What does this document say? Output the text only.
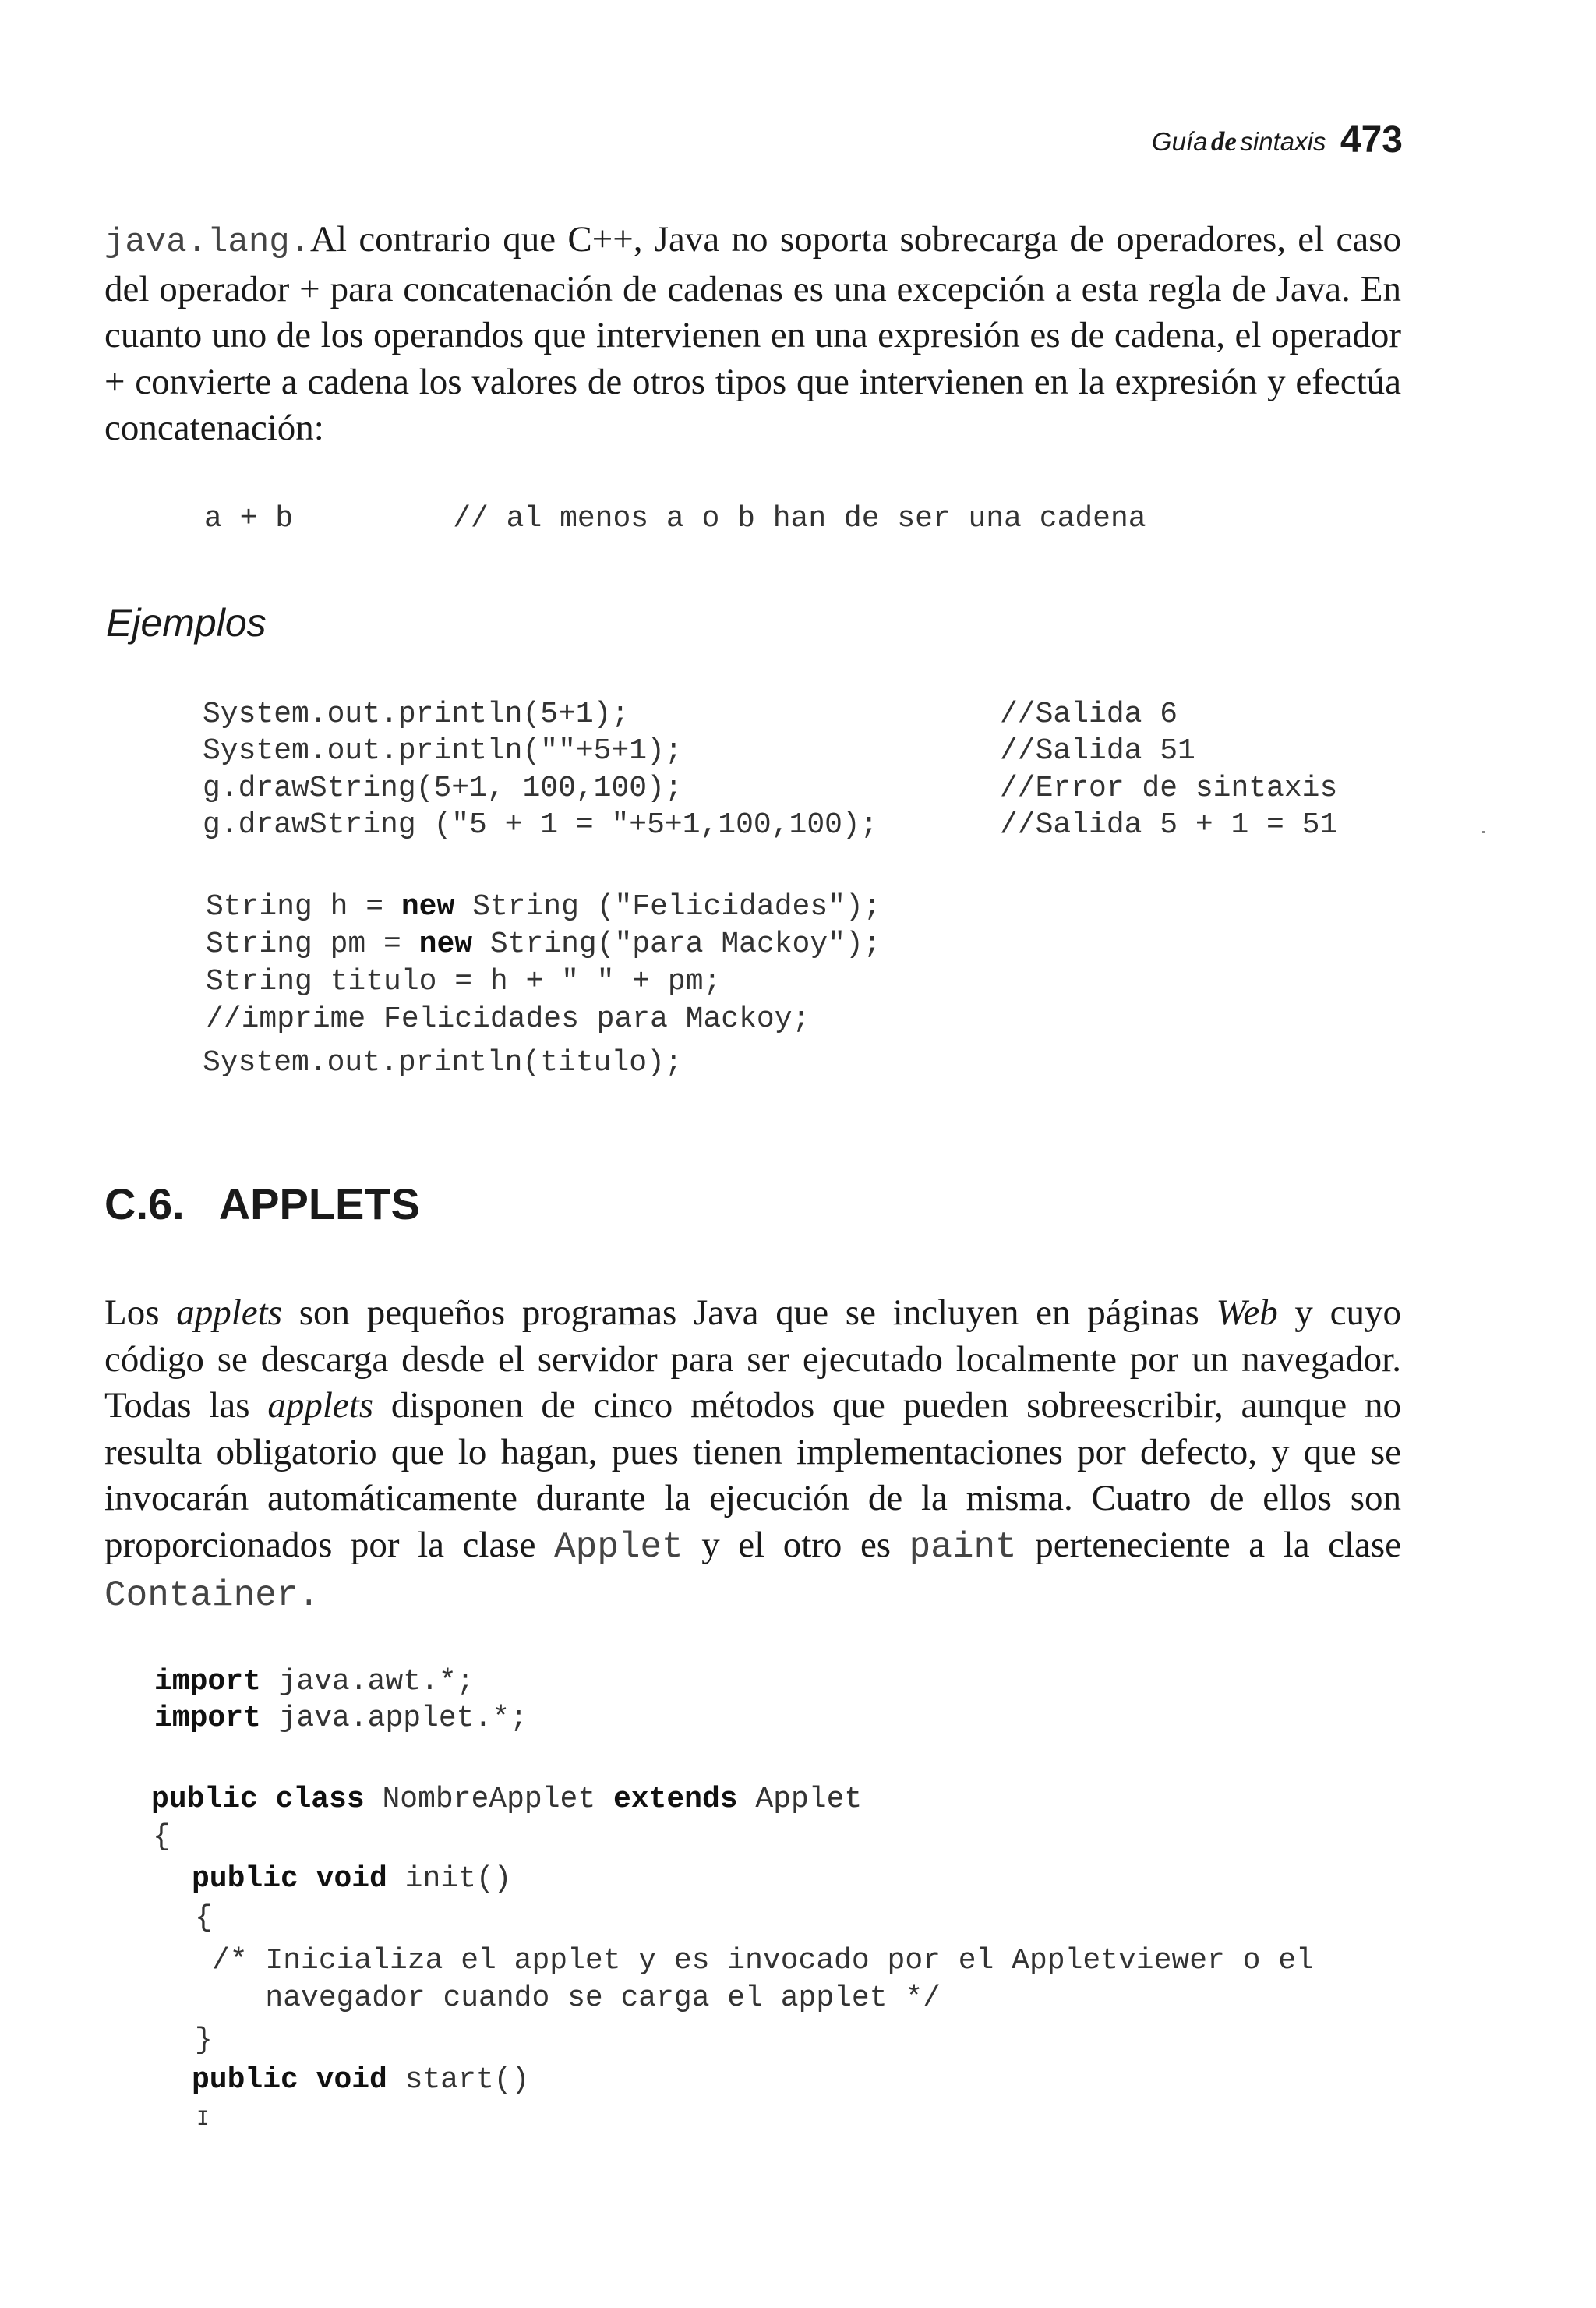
Guía de sintaxis 473
java.lang.Al contrario que C++, Java no soporta sobrecarga de operadores, el caso del operador + para concatenación de cadenas es una excepción a esta regla de Java. En cuanto uno de los operandos que intervienen en una expresión es de cadena, el operador + convierte a cadena los valores de otros tipos que intervienen en la expresión y efectúa concatenación:
a + b         // al menos a o b han de ser una cadena
Ejemplos
System.out.println(5+1);	//Salida 6
System.out.println(""+5+1);	//Salida 51
g.drawString(5+1, 100,100);	//Error de sintaxis
g.drawString ("5 + 1 = "+5+1,100,100);	//Salida 5 + 1 = 51
String h = new String ("Felicidades");
String pm = new String("para Mackoy");
String titulo = h + " " + pm;
//imprime Felicidades para Mackoy;
System.out.println(titulo);
C.6. APPLETS
Los applets son pequeños programas Java que se incluyen en páginas Web y cuyo código se descarga desde el servidor para ser ejecutado localmente por un navegador. Todas las applets disponen de cinco métodos que pueden sobreescribir, aunque no resulta obligatorio que lo hagan, pues tienen implementaciones por defecto, y que se invocarán automáticamente durante la ejecución de la misma. Cuatro de ellos son proporcionados por la clase Applet y el otro es paint perteneciente a la clase Container.
import java.awt.*;
import java.applet.*;
public class NombreApplet extends Applet
{
public void init()
{
/* Inicializa el applet y es invocado por el Appletviewer o el
navegador cuando se carga el applet */
}
public void start()
I
